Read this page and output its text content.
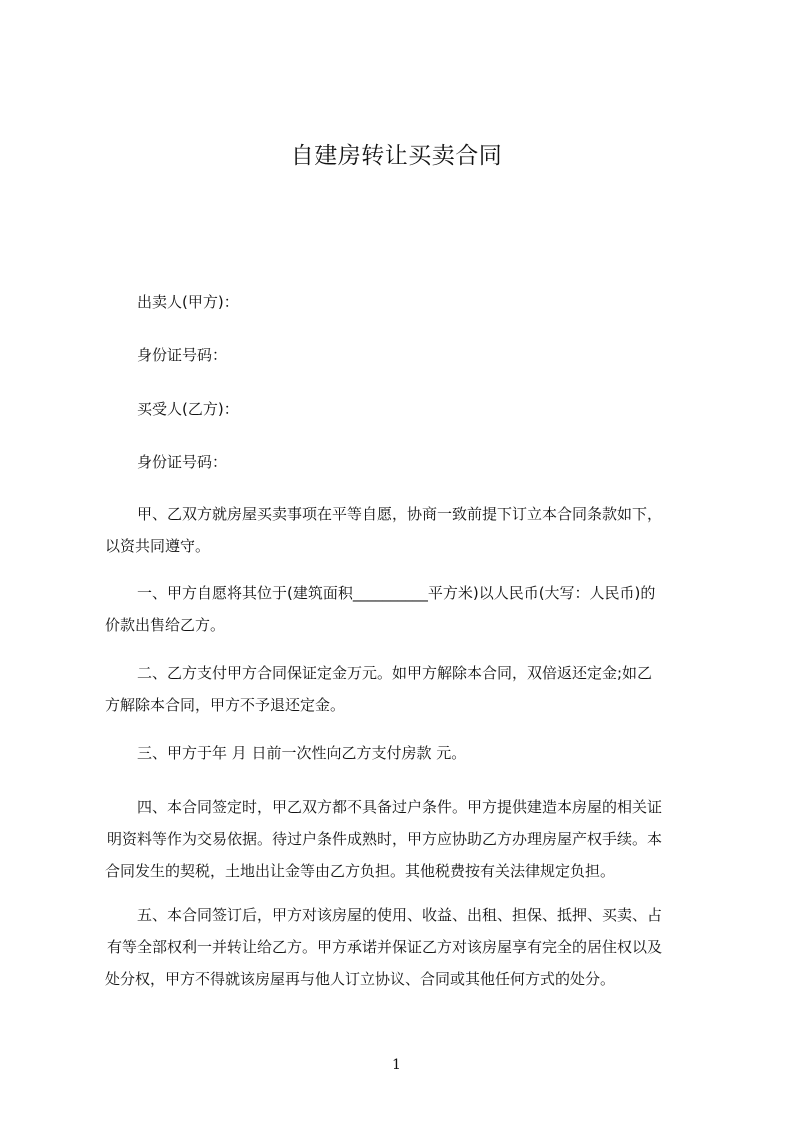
自建房转让买卖合同

出卖人(甲方)：

身份证号码：

买受人(乙方)：

身份证号码：

甲、乙双方就房屋买卖事项在平等自愿，协商一致前提下订立本合同条款如下，
以资共同遵守。
一、甲方自愿将其位于(建筑面积__________平方米)以人民币(大写：人民币)的
价款出售给乙方。
二、乙方支付甲方合同保证定金万元。如甲方解除本合同，双倍返还定金;如乙
方解除本合同，甲方不予退还定金。
三、甲方于年 月 日前一次性向乙方支付房款 元。
四、本合同签定时，甲乙双方都不具备过户条件。甲方提供建造本房屋的相关证
明资料等作为交易依据。待过户条件成熟时，甲方应协助乙方办理房屋产权手续。本
合同发生的契税，土地出让金等由乙方负担。其他税费按有关法律规定负担。
五、本合同签订后，甲方对该房屋的使用、收益、出租、担保、抵押、买卖、占
有等全部权利一并转让给乙方。甲方承诺并保证乙方对该房屋享有完全的居住权以及
处分权，甲方不得就该房屋再与他人订立协议、合同或其他任何方式的处分。

1
